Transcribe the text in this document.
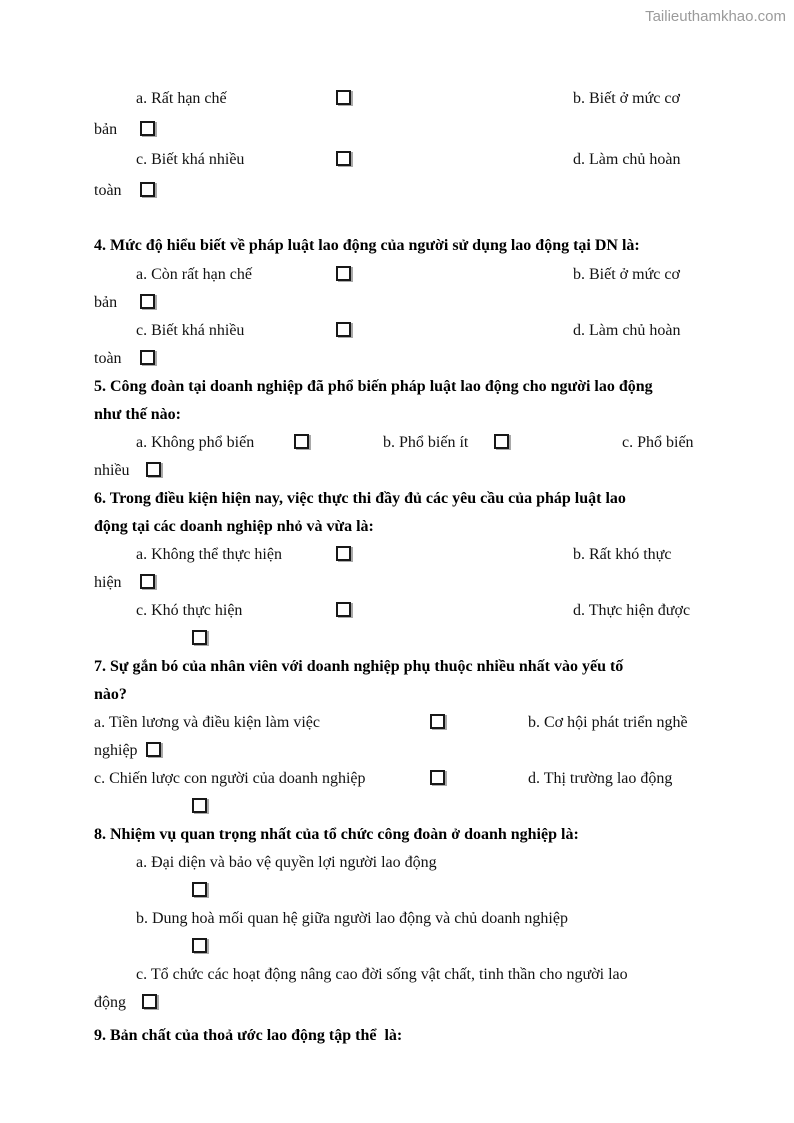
Tailieuthamkhao.com
a. Rất hạn chế	b. Biết ở mức cơ
bản
c. Biết khá nhiều	d. Làm chủ hoàn
toàn
4. Mức độ hiểu biết về pháp luật lao động của người sử dụng lao động tại DN là:
a. Còn rất hạn chế	b. Biết ở mức cơ
bản
c. Biết khá nhiều	d. Làm chủ hoàn
toàn
5. Công đoàn tại doanh nghiệp đã phổ biến pháp luật lao động cho người lao động
như thế nào:
a. Không phổ biến	b. Phổ biến ít	c. Phổ biến
nhiều
6. Trong điều kiện hiện nay, việc thực thi đầy đủ các yêu cầu của pháp luật lao
động tại các doanh nghiệp nhỏ và vừa là:
a. Không thể thực hiện	b. Rất khó thực
hiện
c. Khó thực hiện	d. Thực hiện được
7. Sự gắn bó của nhân viên với doanh nghiệp phụ thuộc nhiều nhất vào yếu tố
nào?
a. Tiền lương và điều kiện làm việc	b. Cơ hội phát triển nghề
nghiệp
c. Chiến lược con người của doanh nghiệp	d. Thị trường lao động
8. Nhiệm vụ quan trọng nhất của tổ chức công đoàn ở doanh nghiệp là:
a. Đại diện và bảo vệ quyền lợi người lao động
b. Dung hoà mối quan hệ giữa người lao động và chủ doanh nghiệp
c. Tổ chức các hoạt động nâng cao đời sống vật chất, tinh thần cho người lao
động
9. Bản chất của thoả ước lao động tập thể  là:
